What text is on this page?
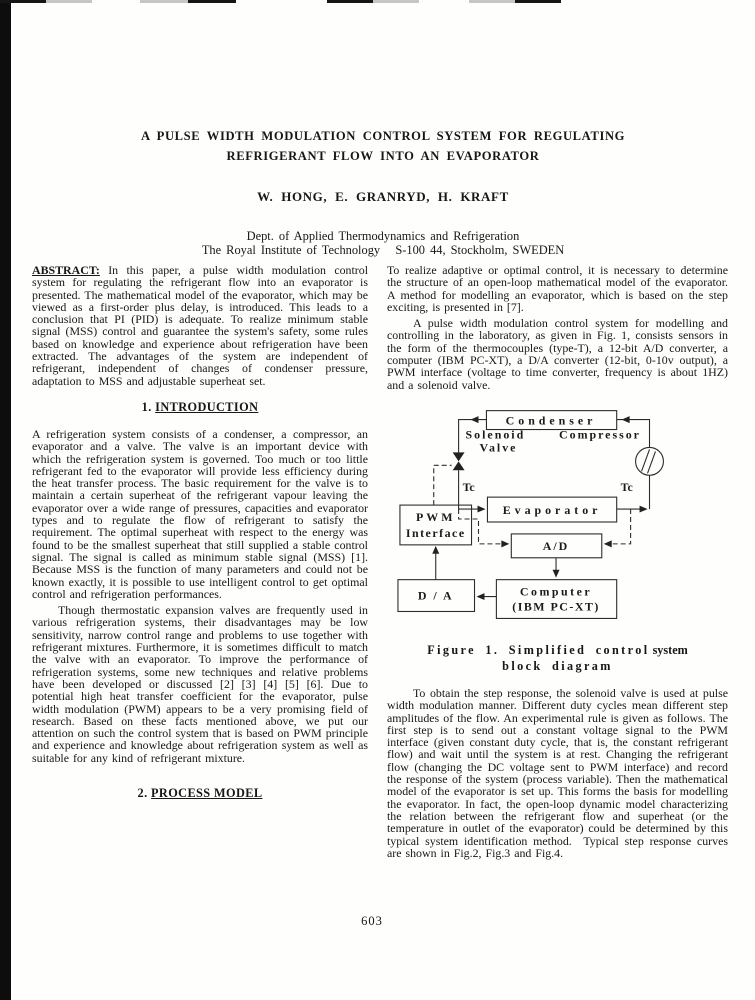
A PULSE WIDTH MODULATION CONTROL SYSTEM FOR REGULATING
REFRIGERANT FLOW INTO AN EVAPORATOR
W. HONG, E. GRANRYD, H. KRAFT
Dept. of Applied Thermodynamics and Refrigeration
The Royal Institute of Technology   S-100 44, Stockholm, SWEDEN

ABSTRACT: In this paper, a pulse width modulation control system for regulating the refrigerant flow into an evaporator is presented. The mathematical model of the evaporator, which may be viewed as a first-order plus delay, is introduced. This leads to a conclusion that PI (PID) is adequate. To realize minimum stable signal (MSS) control and guarantee the system's safety, some rules based on knowledge and experience about refrigeration have been extracted. The advantages of the system are independent of refrigerant, independent of changes of condenser pressure, adaptation to MSS and adjustable superheat set.

1. INTRODUCTION

A refrigeration system consists of a condenser, a compressor, an evaporator and a valve. The valve is an important device with which the refrigeration system is governed. Too much or too little refrigerant fed to the evaporator will provide less efficiency during the heat transfer process. The basic requirement for the valve is to maintain a certain superheat of the refrigerant vapour leaving the evaporator over a wide range of pressures, capacities and evaporator types and to regulate the flow of refrigerant to satisfy the requirement. The optimal superheat with respect to the energy was found to be the smallest superheat that still supplied a stable control signal. The signal is called as minimum stable signal (MSS) [1]. Because MSS is the function of many parameters and could not be known exactly, it is possible to use intelligent control to get optimal control and refrigeration performances.

Though thermostatic expansion valves are frequently used in various refrigeration systems, their disadvantages may be low sensitivity, narrow control range and problems to use together with refrigerant mixtures. Furthermore, it is sometimes difficult to match the valve with an evaporator. To improve the performance of refrigeration systems, some new techniques and relative problems have been developed or discussed [2] [3] [4] [5] [6]. Due to potential high heat transfer coefficient for the evaporator, pulse width modulation (PWM) appears to be a very promising field of research. Based on these facts mentioned above, we put our attention on such the control system that is based on PWM principle and experience and knowledge about refrigeration system as well as suitable for any kind of refrigerant mixture.

2. PROCESS MODEL

To realize adaptive or optimal control, it is necessary to determine the structure of an open-loop mathematical model of the evaporator. A method for modelling an evaporator, which is based on the step exciting, is presented in [7].

A pulse width modulation control system for modelling and controlling in the laboratory, as given in Fig. 1, consists sensors in the form of the thermocouples (type-T), a 12-bit A/D converter, a computer (IBM PC-XT), a D/A converter (12-bit, 0-10v output), a PWM interface (voltage to time converter, frequency is about 1HZ) and a solenoid valve.

Condenser
Solenoid
Valve
Compressor
Tc
Evaporator
Tc
PWM
Interface
A/D
Computer
(IBM PC-XT)
D / A
Figure 1. Simplified control system
block diagram

To obtain the step response, the solenoid valve is used at pulse width modulation manner. Different duty cycles mean different step amplitudes of the flow. An experimental rule is given as follows. The first step is to send out a constant voltage signal to the PWM interface (given constant duty cycle, that is, the constant refrigerant flow) and wait until the system is at rest. Changing the refrigerant flow (changing the DC voltage sent to PWM interface) and record the response of the system (process variable). Then the mathematical model of the evaporator is set up. This forms the basis for modelling the evaporator. In fact, the open-loop dynamic model characterizing the relation between the refrigerant flow and superheat (or the temperature in outlet of the evaporator) could be determined by this typical system identification method.  Typical step response curves are shown in Fig.2, Fig.3 and Fig.4.

603
